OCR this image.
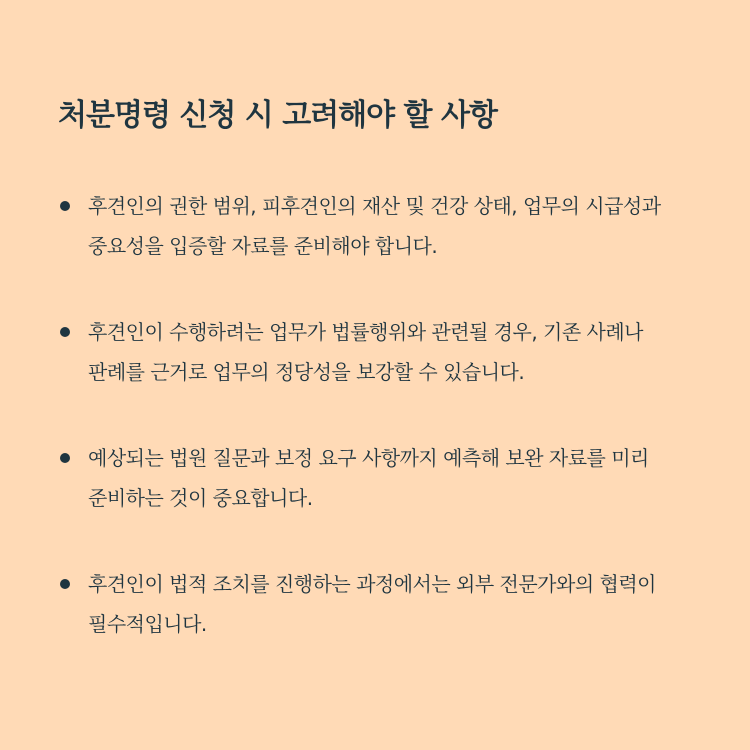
처분명령 신청 시 고려해야 할 사항
후견인의 권한 범위, 피후견인의 재산 및 건강 상태, 업무의 시급성과 중요성을 입증할 자료를 준비해야 합니다.
후견인이 수행하려는 업무가 법률행위와 관련될 경우, 기존 사례나 판례를 근거로 업무의 정당성을 보강할 수 있습니다.
예상되는 법원 질문과 보정 요구 사항까지 예측해 보완 자료를 미리 준비하는 것이 중요합니다.
후견인이 법적 조치를 진행하는 과정에서는 외부 전문가와의 협력이 필수적입니다.
